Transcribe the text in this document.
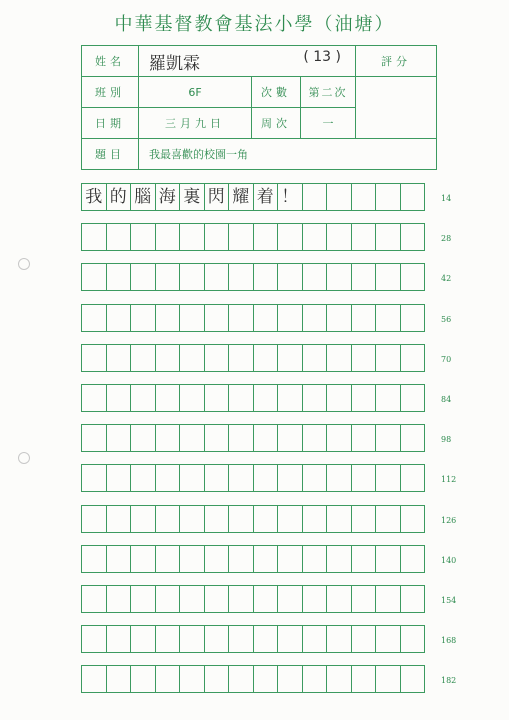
中華基督教會基法小學（油塘）
姓名	羅凱霖 ( 13 )			評分
班別	6F	次數	第二次	
日期	三月九日	周次	一	
題目	我最喜歡的校園一角			
我 的 腦 海 裏 閃 耀 着 ！	14
28
42
56
70
84
98
112
126
140
154
168
182
